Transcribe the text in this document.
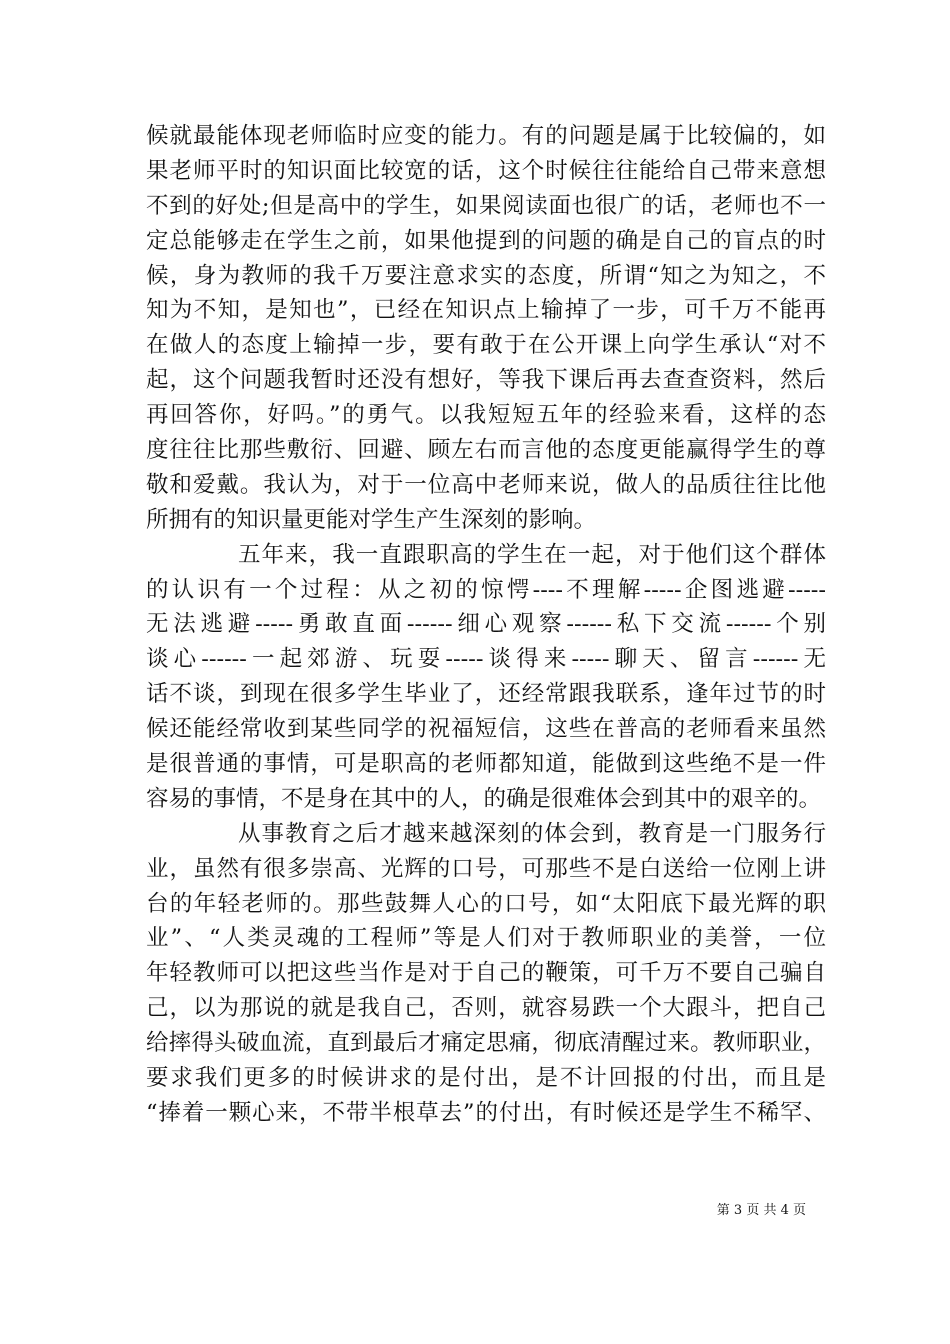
候就最能体现老师临时应变的能力。有的问题是属于比较偏的，如
果老师平时的知识面比较宽的话，这个时候往往能给自己带来意想
不到的好处;但是高中的学生，如果阅读面也很广的话，老师也不一
定总能够走在学生之前，如果他提到的问题的确是自己的盲点的时
候，身为教师的我千万要注意求实的态度，所谓“知之为知之，不
知为不知，是知也”，已经在知识点上输掉了一步，可千万不能再
在做人的态度上输掉一步，要有敢于在公开课上向学生承认“对不
起，这个问题我暂时还没有想好，等我下课后再去查查资料，然后
再回答你，好吗。”的勇气。以我短短五年的经验来看，这样的态
度往往比那些敷衍、回避、顾左右而言他的态度更能赢得学生的尊
敬和爱戴。我认为，对于一位高中老师来说，做人的品质往往比他
所拥有的知识量更能对学生产生深刻的影响。
五年来，我一直跟职高的学生在一起，对于他们这个群体
的认识有一个过程：从之初的惊愕----不理解-----企图逃避-----
无法逃避-----勇敢直面------细心观察------私下交流------个别
谈心------一起郊游、玩耍-----谈得来-----聊天、留言------无
话不谈，到现在很多学生毕业了，还经常跟我联系，逢年过节的时
候还能经常收到某些同学的祝福短信，这些在普高的老师看来虽然
是很普通的事情，可是职高的老师都知道，能做到这些绝不是一件
容易的事情，不是身在其中的人，的确是很难体会到其中的艰辛的。
从事教育之后才越来越深刻的体会到，教育是一门服务行
业，虽然有很多崇高、光辉的口号，可那些不是白送给一位刚上讲
台的年轻老师的。那些鼓舞人心的口号，如“太阳底下最光辉的职
业”、“人类灵魂的工程师”等是人们对于教师职业的美誉，一位
年轻教师可以把这些当作是对于自己的鞭策，可千万不要自己骗自
己，以为那说的就是我自己，否则，就容易跌一个大跟斗，把自己
给摔得头破血流，直到最后才痛定思痛，彻底清醒过来。教师职业，
要求我们更多的时候讲求的是付出，是不计回报的付出，而且是
“捧着一颗心来，不带半根草去”的付出，有时候还是学生不稀罕、
第 3 页 共 4 页
